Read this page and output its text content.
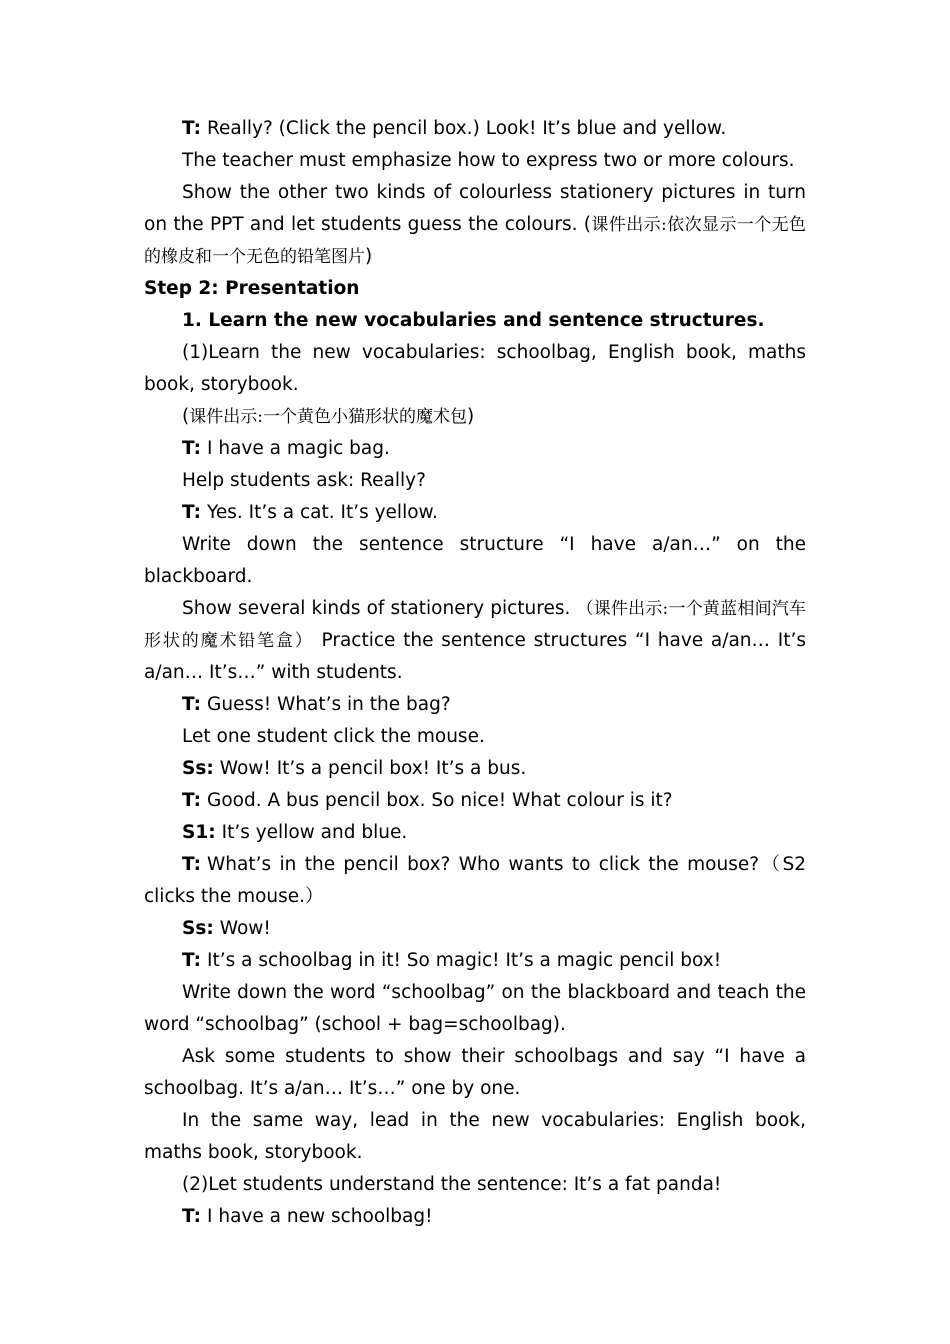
T: Really? (Click the pencil box.) Look! It’s blue and yellow.

The teacher must emphasize how to express two or more colours.

Show the other two kinds of colourless stationery pictures in turn on the PPT and let students guess the colours. (课件出示:依次显示一个无色的橡皮和一个无色的铅笔图片)

Step 2: Presentation

1. Learn the new vocabularies and sentence structures.

(1)Learn the new vocabularies: schoolbag, English book, maths book, storybook.

(课件出示:一个黄色小猫形状的魔术包)

T: I have a magic bag.

Help students ask: Really?

T: Yes. It’s a cat. It’s yellow.

Write down the sentence structure “I have a/an…” on the blackboard.

Show several kinds of stationery pictures. （课件出示:一个黄蓝相间汽车形状的魔术铅笔盒） Practice the sentence structures “I have a/an… It’s a/an… It’s…” with students.

T: Guess! What’s in the bag?

Let one student click the mouse.

Ss: Wow! It’s a pencil box! It’s a bus.

T: Good. A bus pencil box. So nice! What colour is it?

S1: It’s yellow and blue.

T: What’s in the pencil box? Who wants to click the mouse?（S2 clicks the mouse.）

Ss: Wow!

T: It’s a schoolbag in it! So magic! It’s a magic pencil box!

Write down the word “schoolbag” on the blackboard and teach the word “schoolbag” (school + bag=schoolbag).

Ask some students to show their schoolbags and say “I have a schoolbag. It’s a/an… It’s…” one by one.

In the same way, lead in the new vocabularies: English book, maths book, storybook.

(2)Let students understand the sentence: It’s a fat panda!

T: I have a new schoolbag!
